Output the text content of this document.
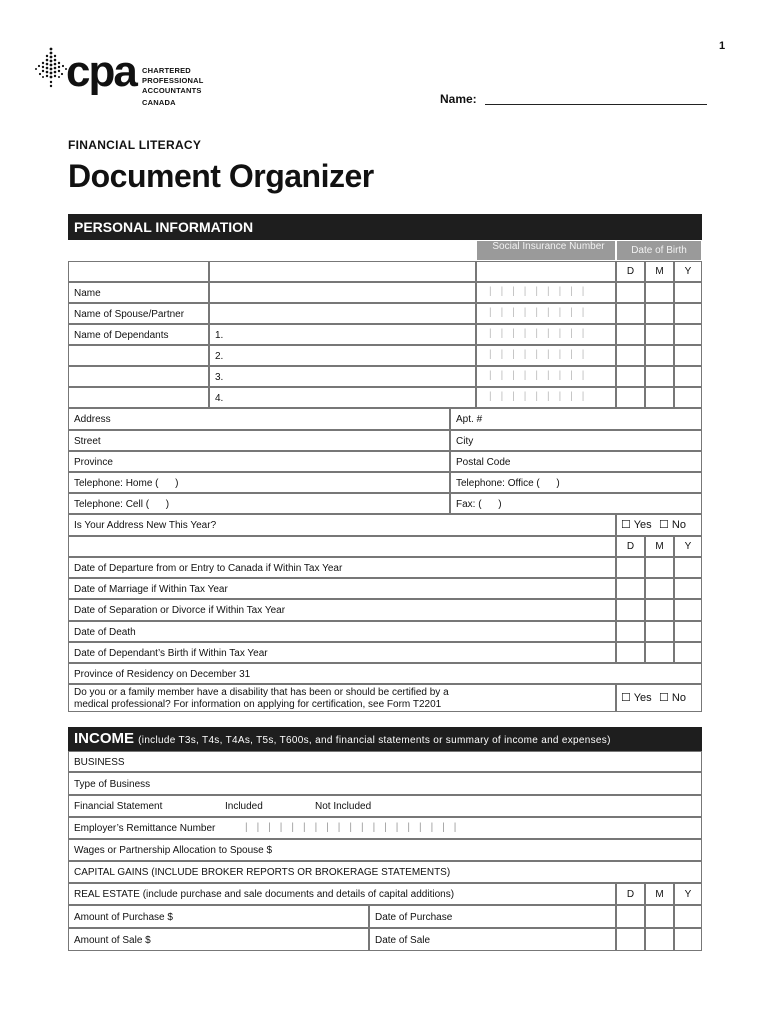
1
cpa CHARTERED
PROFESSIONAL
ACCOUNTANTS
CANADA	Name:
FINANCIAL LITERACY
Document Organizer
PERSONAL INFORMATION
Social Insurance Number	Date of Birth
D	M	Y
Name	|||||||||
Name of Spouse/Partner	|||||||||
Name of Dependants	1.	|||||||||
2.	|||||||||
3.	|||||||||
4.	|||||||||
Address	Apt. #
Street	City
Province	Postal Code
Telephone: Home (      )	Telephone: Office (      )
Telephone: Cell (      )	Fax: (      )
Is Your Address New This Year?	☐ Yes ☐ No
D	M	Y
Date of Departure from or Entry to Canada if Within Tax Year
Date of Marriage if Within Tax Year
Date of Separation or Divorce if Within Tax Year
Date of Death
Date of Dependant’s Birth if Within Tax Year
Province of Residency on December 31
Do you or a family member have a disability that has been or should be certified by a
medical professional? For information on applying for certification, see Form T2201
☐ Yes ☐ No
INCOME (include T3s, T4s, T4As, T5s, T600s, and financial statements or summary of income and expenses)
BUSINESS
Type of Business
Financial Statement	Included	Not Included
Employer’s Remittance Number	|||||||||||||||||||
Wages or Partnership Allocation to Spouse $
CAPITAL GAINS (INCLUDE BROKER REPORTS OR BROKERAGE STATEMENTS)
REAL ESTATE (include purchase and sale documents and details of capital additions)	D	M	Y
Amount of Purchase $	Date of Purchase
Amount of Sale $	Date of Sale
